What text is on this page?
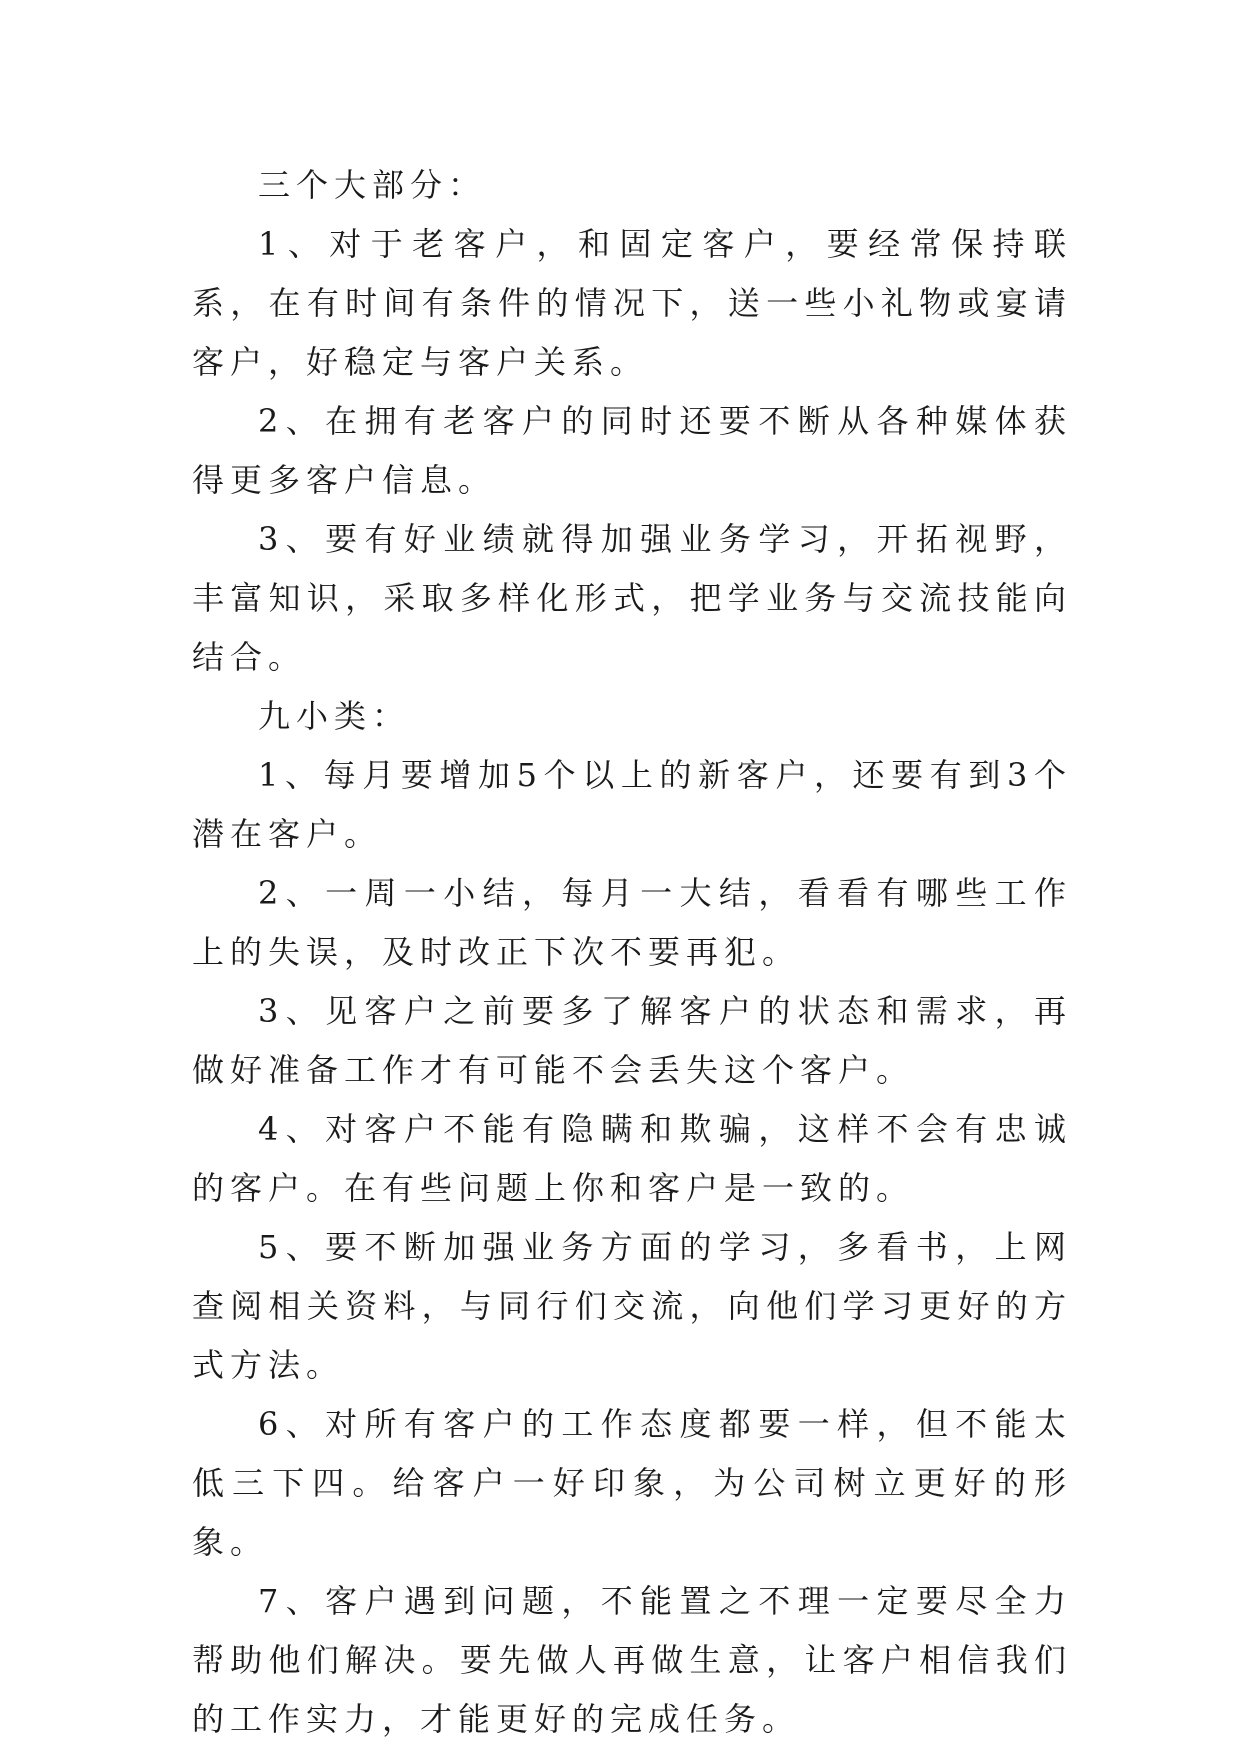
三个大部分：

1、对于老客户，和固定客户，要经常保持联系，在有时间有条件的情况下，送一些小礼物或宴请客户，好稳定与客户关系。

2、在拥有老客户的同时还要不断从各种媒体获得更多客户信息。

3、要有好业绩就得加强业务学习，开拓视野，丰富知识，采取多样化形式，把学业务与交流技能向结合。

九小类：

1、每月要增加5个以上的新客户，还要有到3个潜在客户。

2、一周一小结，每月一大结，看看有哪些工作上的失误，及时改正下次不要再犯。

3、见客户之前要多了解客户的状态和需求，再做好准备工作才有可能不会丢失这个客户。

4、对客户不能有隐瞒和欺骗，这样不会有忠诚的客户。在有些问题上你和客户是一致的。

5、要不断加强业务方面的学习，多看书，上网查阅相关资料，与同行们交流，向他们学习更好的方式方法。

6、对所有客户的工作态度都要一样，但不能太低三下四。给客户一好印象，为公司树立更好的形象。

7、客户遇到问题，不能置之不理一定要尽全力帮助他们解决。要先做人再做生意，让客户相信我们的工作实力，才能更好的完成任务。
